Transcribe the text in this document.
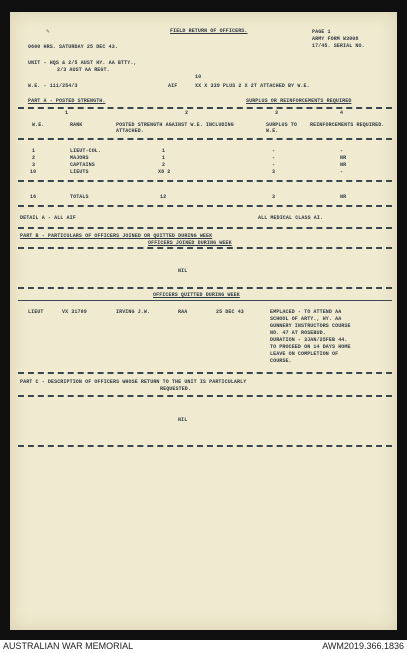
✎	FIELD RETURN OF OFFICERS.	PAGE 1
ARMY FORM W3008
17/45. SERIAL NO.
0600 HRS. SATURDAY 25 DEC 43.
UNIT - HQS & 2/5 AUST HY. AA BTTY.,
2/3 AUST AA REGT.
10
W.E. - 111/254/3	AIF	XX X 339 PLUS 2 X 2T ATTACHED BY W.E.
PART A - POSTED STRENGTH.	SURPLUS OR REINFORCEMENTS REQUIRED
1	2	3	4
W.E.	RANK	POSTED STRENGTH AGAINST W.E. INCLUDING ATTACHED.
SURPLUS TO W.E.
REINFORCEMENTS REQUIRED.
1	LIEUT-COL.	1	-	-
2	MAJORS	1	-	NR
3	CAPTAINS	2	-	NR
10	LIEUTS	X8 2	3	-
16	TOTALS	12	3	NR
DETAIL A - ALL AIF	ALL MEDICAL CLASS AI.
PART B - PARTICULARS OF OFFICERS JOINED OR QUITTED DURING WEEK
OFFICERS JOINED DURING WEEK
NIL
OFFICERS QUITTED DURING WEEK
LIEUT	VX 31709	IRVING J.W.	RAA	25 DEC 43	EMPLACED - TO ATTEND AA
SCHOOL OF ARTY., HY. AA
GUNNERY INSTRUCTORS COURSE
NO. 47 AT ROSEBUD.
DURATION - 3JAN/25FEB 44.
TO PROCEED ON 14 DAYS HOME
LEAVE ON COMPLETION OF
COURSE.
PART C - DESCRIPTION OF OFFICERS WHOSE RETURN TO THE UNIT IS PARTICULARLY
REQUESTED.
NIL
AUSTRALIAN WAR MEMORIAL	AWM2019.366.1836
